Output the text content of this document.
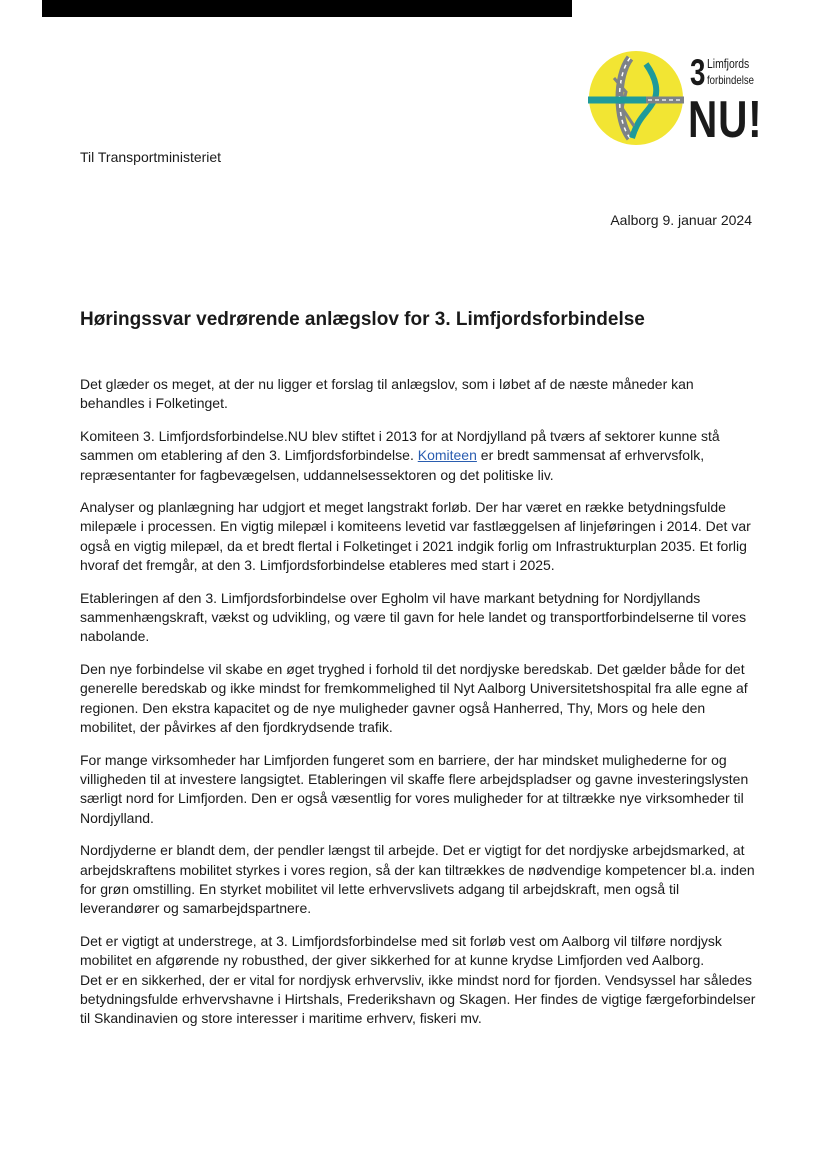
3 Limfjords
forbindelse
NU!
Til Transportministeriet
Aalborg 9. januar 2024
Høringssvar vedrørende anlægslov for 3. Limfjordsforbindelse

Det glæder os meget, at der nu ligger et forslag til anlægslov, som i løbet af de næste måneder kan behandles i Folketinget.

Komiteen 3. Limfjordsforbindelse.NU blev stiftet i 2013 for at Nordjylland på tværs af sektorer kunne stå sammen om etablering af den 3. Limfjordsforbindelse. Komiteen er bredt sammensat af erhvervsfolk, repræsentanter for fagbevægelsen, uddannelsessektoren og det politiske liv.

Analyser og planlægning har udgjort et meget langstrakt forløb. Der har været en række betydningsfulde milepæle i processen. En vigtig milepæl i komiteens levetid var fastlæggelsen af linjeføringen i 2014. Det var også en vigtig milepæl, da et bredt flertal i Folketinget i 2021 indgik forlig om Infrastrukturplan 2035. Et forlig hvoraf det fremgår, at den 3. Limfjordsforbindelse etableres med start i 2025.

Etableringen af den 3. Limfjordsforbindelse over Egholm vil have markant betydning for Nordjyllands sammenhængskraft, vækst og udvikling, og være til gavn for hele landet og transportforbindelserne til vores nabolande.

Den nye forbindelse vil skabe en øget tryghed i forhold til det nordjyske beredskab. Det gælder både for det generelle beredskab og ikke mindst for fremkommelighed til Nyt Aalborg Universitetshospital fra alle egne af regionen. Den ekstra kapacitet og de nye muligheder gavner også Hanherred, Thy, Mors og hele den mobilitet, der påvirkes af den fjordkrydsende trafik.

For mange virksomheder har Limfjorden fungeret som en barriere, der har mindsket mulighederne for og villigheden til at investere langsigtet. Etableringen vil skaffe flere arbejdspladser og gavne investeringslysten særligt nord for Limfjorden. Den er også væsentlig for vores muligheder for at tiltrække nye virksomheder til Nordjylland.

Nordjyderne er blandt dem, der pendler længst til arbejde. Det er vigtigt for det nordjyske arbejdsmarked, at arbejdskraftens mobilitet styrkes i vores region, så der kan tiltrækkes de nødvendige kompetencer bl.a. inden for grøn omstilling. En styrket mobilitet vil lette erhvervslivets adgang til arbejdskraft, men også til leverandører og samarbejdspartnere.

Det er vigtigt at understrege, at 3. Limfjordsforbindelse med sit forløb vest om Aalborg vil tilføre nordjysk mobilitet en afgørende ny robusthed, der giver sikkerhed for at kunne krydse Limfjorden ved Aalborg.
Det er en sikkerhed, der er vital for nordjysk erhvervsliv, ikke mindst nord for fjorden. Vendsyssel har således betydningsfulde erhvervshavne i Hirtshals, Frederikshavn og Skagen. Her findes de vigtige færgeforbindelser til Skandinavien og store interesser i maritime erhverv, fiskeri mv.
